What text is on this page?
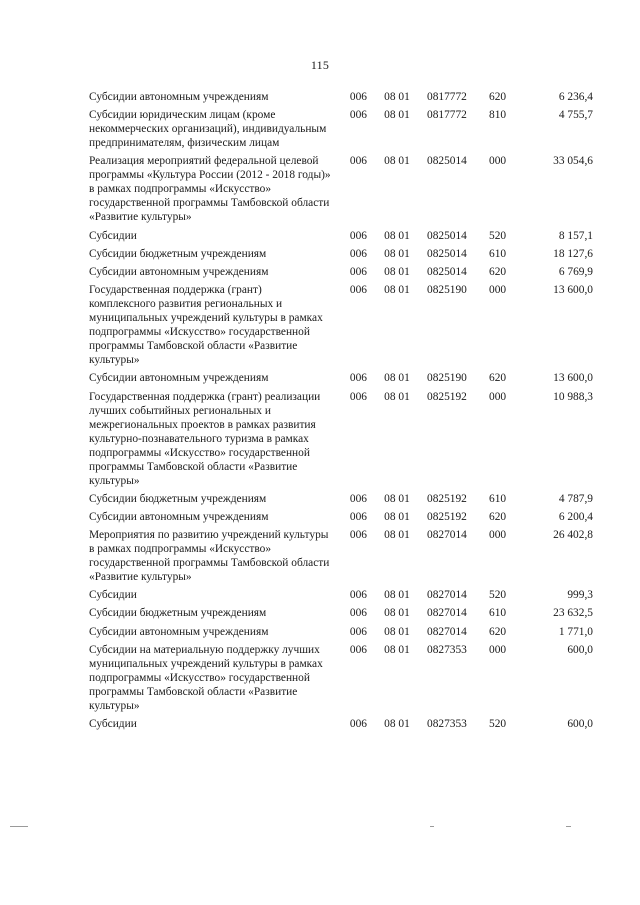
115
Субсидии автономным учреждениям	006	08 01	0817772	620	6 236,4
Субсидии юридическим лицам (кроме некоммерческих организаций), индивидуальным предпринимателям, физическим лицам	006	08 01	0817772	810	4 755,7
Реализация мероприятий федеральной целевой программы «Культура России (2012 - 2018 годы)» в рамках подпрограммы «Искусство» государственной программы Тамбовской области «Развитие культуры»	006	08 01	0825014	000	33 054,6
Субсидии	006	08 01	0825014	520	8 157,1
Субсидии бюджетным учреждениям	006	08 01	0825014	610	18 127,6
Субсидии автономным учреждениям	006	08 01	0825014	620	6 769,9
Государственная поддержка (грант) комплексного развития региональных и муниципальных учреждений культуры в рамках подпрограммы «Искусство» государственной программы Тамбовской области «Развитие культуры»	006	08 01	0825190	000	13 600,0
Субсидии автономным учреждениям	006	08 01	0825190	620	13 600,0
Государственная поддержка (грант) реализации лучших событийных региональных и межрегиональных проектов в рамках развития культурно-познавательного туризма в рамках подпрограммы «Искусство» государственной программы Тамбовской области «Развитие культуры»	006	08 01	0825192	000	10 988,3
Субсидии бюджетным учреждениям	006	08 01	0825192	610	4 787,9
Субсидии автономным учреждениям	006	08 01	0825192	620	6 200,4
Мероприятия по развитию учреждений культуры в рамках подпрограммы «Искусство» государственной программы Тамбовской области «Развитие культуры»	006	08 01	0827014	000	26 402,8
Субсидии	006	08 01	0827014	520	999,3
Субсидии бюджетным учреждениям	006	08 01	0827014	610	23 632,5
Субсидии автономным учреждениям	006	08 01	0827014	620	1 771,0
Субсидии на материальную поддержку лучших муниципальных учреждений культуры в рамках подпрограммы «Искусство» государственной программы Тамбовской области «Развитие культуры»	006	08 01	0827353	000	600,0
Субсидии	006	08 01	0827353	520	600,0
